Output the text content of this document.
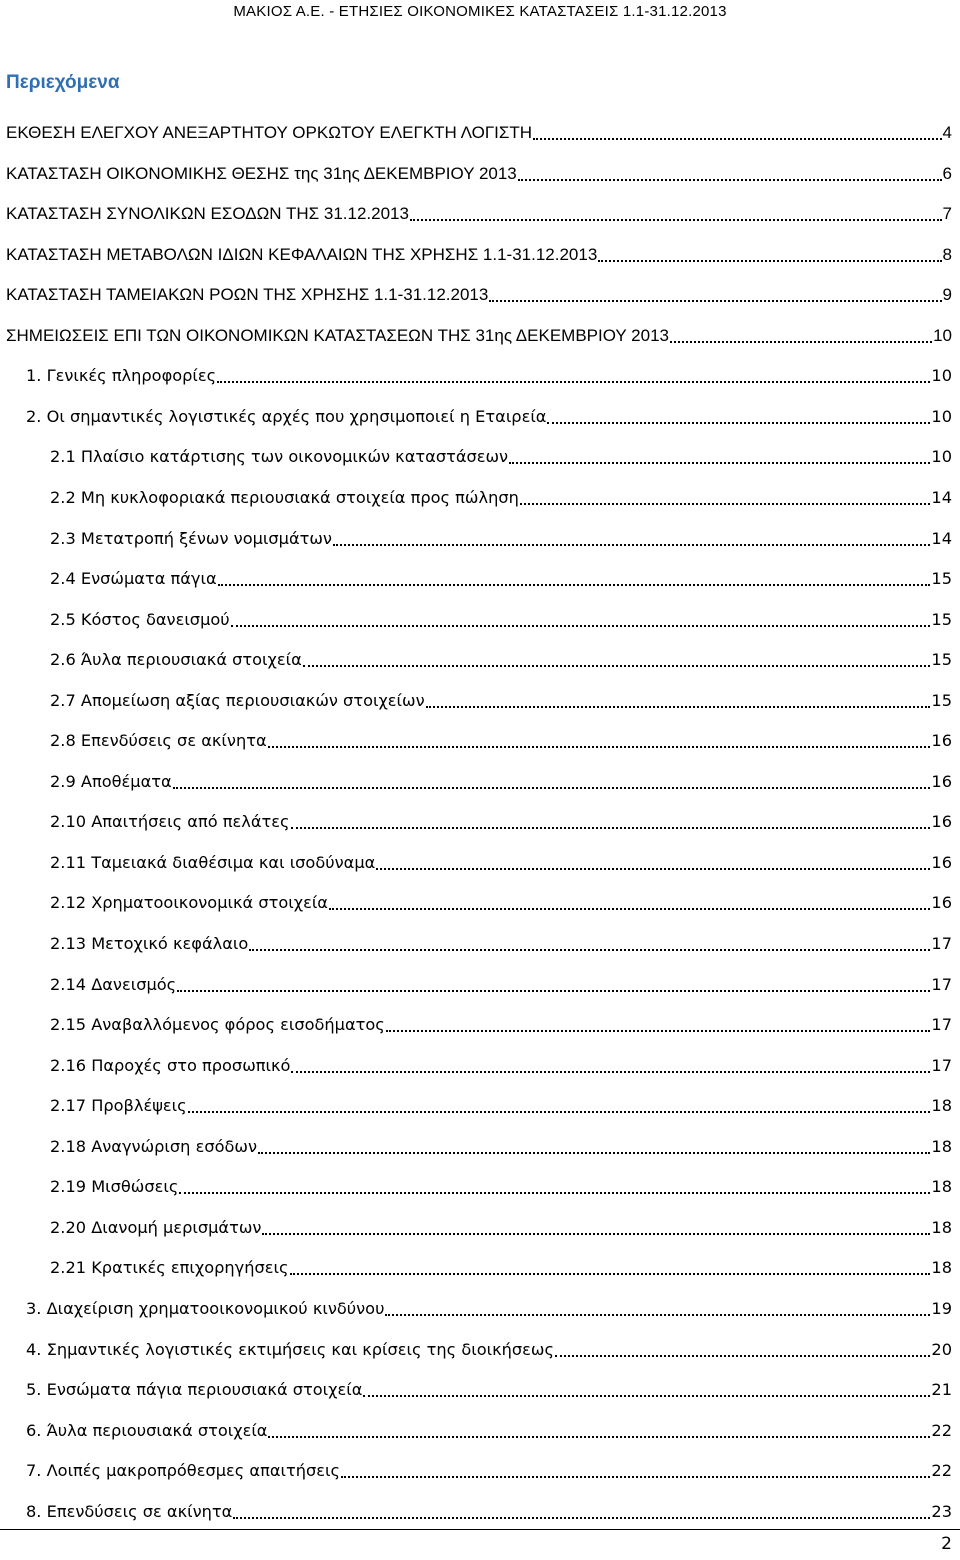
ΜΑΚΙΟΣ Α.Ε. - ΕΤΗΣΙΕΣ ΟΙΚΟΝΟΜΙΚΕΣ ΚΑΤΑΣΤΑΣΕΙΣ 1.1-31.12.2013
Περιεχόμενα
ΕΚΘΕΣΗ ΕΛΕΓΧΟΥ ΑΝΕΞΑΡΤΗΤΟΥ ΟΡΚΩΤΟΥ ΕΛΕΓΚΤΗ ΛΟΓΙΣΤΗ	4
ΚΑΤΑΣΤΑΣΗ ΟΙΚΟΝΟΜΙΚΗΣ ΘΕΣΗΣ της 31ης ΔΕΚΕΜΒΡΙΟΥ 2013	6
ΚΑΤΑΣΤΑΣΗ ΣΥΝΟΛΙΚΩΝ ΕΣΟΔΩΝ ΤΗΣ 31.12.2013	7
ΚΑΤΑΣΤΑΣΗ ΜΕΤΑΒΟΛΩΝ ΙΔΙΩΝ ΚΕΦΑΛΑΙΩΝ ΤΗΣ ΧΡΗΣΗΣ 1.1-31.12.2013	8
ΚΑΤΑΣΤΑΣΗ ΤΑΜΕΙΑΚΩΝ ΡΟΩΝ ΤΗΣ ΧΡΗΣΗΣ 1.1-31.12.2013	9
ΣΗΜΕΙΩΣΕΙΣ ΕΠΙ ΤΩΝ ΟΙΚΟΝΟΜΙΚΩΝ ΚΑΤΑΣΤΑΣΕΩΝ ΤΗΣ 31ης ΔΕΚΕΜΒΡΙΟΥ 2013	10
1. Γενικές πληροφορίες	10
2. Οι σημαντικές λογιστικές αρχές που χρησιμοποιεί η Εταιρεία	10
2.1 Πλαίσιο κατάρτισης των οικονομικών καταστάσεων	10
2.2 Μη κυκλοφοριακά περιουσιακά στοιχεία προς πώληση	14
2.3 Μετατροπή ξένων νομισμάτων	14
2.4 Ενσώματα πάγια	15
2.5 Κόστος δανεισμού	15
2.6 Άυλα περιουσιακά στοιχεία	15
2.7 Απομείωση αξίας περιουσιακών στοιχείων	15
2.8 Επενδύσεις σε ακίνητα	16
2.9 Αποθέματα	16
2.10 Απαιτήσεις από πελάτες	16
2.11 Ταμειακά διαθέσιμα και ισοδύναμα	16
2.12 Χρηματοοικονομικά στοιχεία	16
2.13 Μετοχικό κεφάλαιο	17
2.14 Δανεισμός	17
2.15 Αναβαλλόμενος φόρος εισοδήματος	17
2.16 Παροχές στο προσωπικό	17
2.17 Προβλέψεις	18
2.18 Αναγνώριση εσόδων	18
2.19 Μισθώσεις	18
2.20 Διανομή μερισμάτων	18
2.21 Κρατικές επιχορηγήσεις	18
3. Διαχείριση χρηματοοικονομικού κινδύνου	19
4. Σημαντικές λογιστικές εκτιμήσεις και κρίσεις της διοικήσεως	20
5. Ενσώματα πάγια περιουσιακά στοιχεία	21
6. Άυλα περιουσιακά στοιχεία	22
7. Λοιπές μακροπρόθεσμες απαιτήσεις	22
8. Επενδύσεις σε ακίνητα	23
2
